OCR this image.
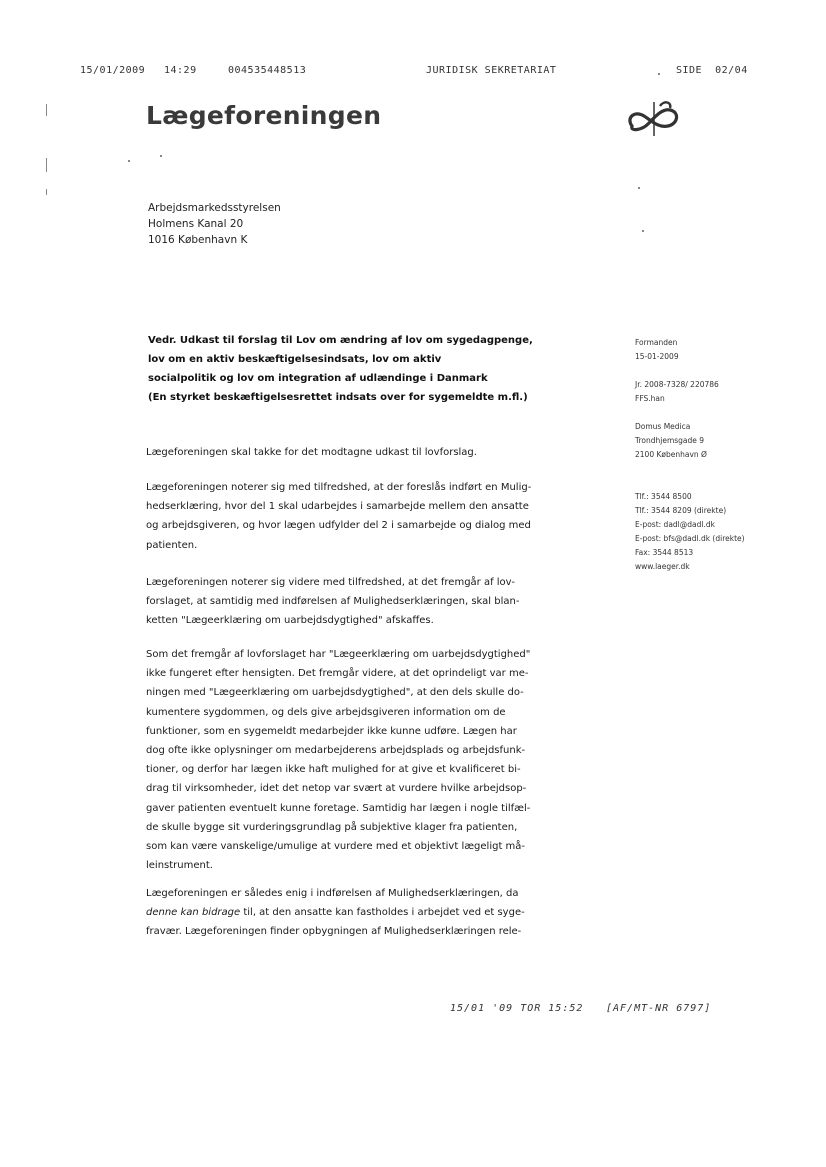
15/01/2009 14:29	004535448513	JURIDISK SEKRETARIAT	SIDE  02/04
Lægeforeningen
Arbejdsmarkedsstyrelsen
Holmens Kanal 20
1016 København K
Vedr. Udkast til forslag til Lov om ændring af lov om sygedagpenge,
lov om en aktiv beskæftigelsesindsats, lov om aktiv
socialpolitik og lov om integration af udlændinge i Danmark
(En styrket beskæftigelsesrettet indsats over for sygemeldte m.fl.)
Formanden
15-01-2009
Jr. 2008-7328/ 220786
FFS.han
Domus Medica
Trondhjemsgade 9
2100 København Ø
Tlf.: 3544 8500
Tlf.: 3544 8209 (direkte)
E-post: dadl@dadl.dk
E-post: bfs@dadl.dk (direkte)
Fax: 3544 8513
www.laeger.dk

Lægeforeningen skal takke for det modtagne udkast til lovforslag.

Lægeforeningen noterer sig med tilfredshed, at der foreslås indført en Mulig-

hedserklæring, hvor del 1 skal udarbejdes i samarbejde mellem den ansatte

og arbejdsgiveren, og hvor lægen udfylder del 2 i samarbejde og dialog med

patienten.

Lægeforeningen noterer sig videre med tilfredshed, at det fremgår af lov-

forslaget, at samtidig med indførelsen af Mulighedserklæringen, skal blan-

ketten "Lægeerklæring om uarbejdsdygtighed" afskaffes.

Som det fremgår af lovforslaget har "Lægeerklæring om uarbejdsdygtighed"

ikke fungeret efter hensigten. Det fremgår videre, at det oprindeligt var me-

ningen med "Lægeerklæring om uarbejdsdygtighed", at den dels skulle do-

kumentere sygdommen, og dels give arbejdsgiveren information om de

funktioner, som en sygemeldt medarbejder ikke kunne udføre. Lægen har

dog ofte ikke oplysninger om medarbejderens arbejdsplads og arbejdsfunk-

tioner, og derfor har lægen ikke haft mulighed for at give et kvalificeret bi-

drag til virksomheder, idet det netop var svært at vurdere hvilke arbejdsop-

gaver patienten eventuelt kunne foretage. Samtidig har lægen i nogle tilfæl-

de skulle bygge sit vurderingsgrundlag på subjektive klager fra patienten,

som kan være vanskelige/umulige at vurdere med et objektivt lægeligt må-

leinstrument.

Lægeforeningen er således enig i indførelsen af Mulighedserklæringen, da

denne kan bidrage til, at den ansatte kan fastholdes i arbejdet ved et syge-

fravær. Lægeforeningen finder opbygningen af Mulighedserklæringen rele-

15/01 '09 TOR 15:52 [AF/MT-NR 6797]
